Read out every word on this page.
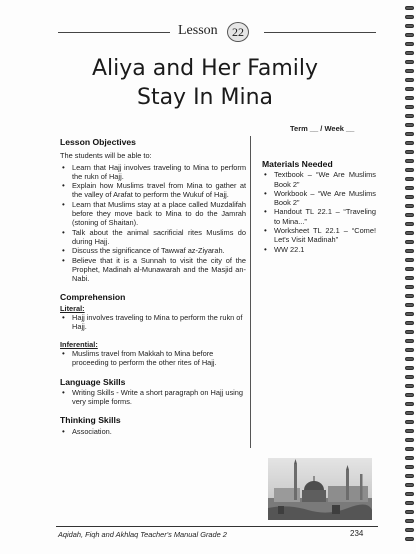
Lesson	22
Aliya and Her Family
Stay In Mina
Term __ / Week __
Lesson Objectives
The students will be able to:
• Learn that Hajj involves traveling to Mina to perform the rukn of Hajj.
• Explain how Muslims travel from Mina to gather at the valley of Arafat to perform the Wukuf of Hajj.
• Learn that Muslims stay at a place called Muzdalifah before they move back to Mina to do the Jamrah (stoning of Shaitan).
• Talk about the animal sacrificial rites Muslims do during Hajj.
• Discuss the significance of Tawwaf az-Ziyarah.
• Believe that it is a Sunnah to visit the city of the Prophet, Madinah al-Munawarah and the Masjid an-Nabi.
Comprehension
Literal:
• Hajj involves traveling to Mina to perform the rukn of Hajj.
Inferential:
• Muslims travel from Makkah to Mina before proceeding to perform the other rites of Hajj.
Language Skills
• Writing Skills - Write a short paragraph on Hajj using very simple forms.
Thinking Skills
• Association.
Materials Needed
• Textbook – “We Are Muslims Book 2”
• Workbook – “We Are Muslims Book 2”
• Handout TL 22.1 – “Traveling to Mina...”
• Worksheet TL 22.1 – “Come! Let's Visit Madinah”
• WW 22.1
Aqidah, Fiqh and Akhlaq Teacher's Manual Grade 2	234
